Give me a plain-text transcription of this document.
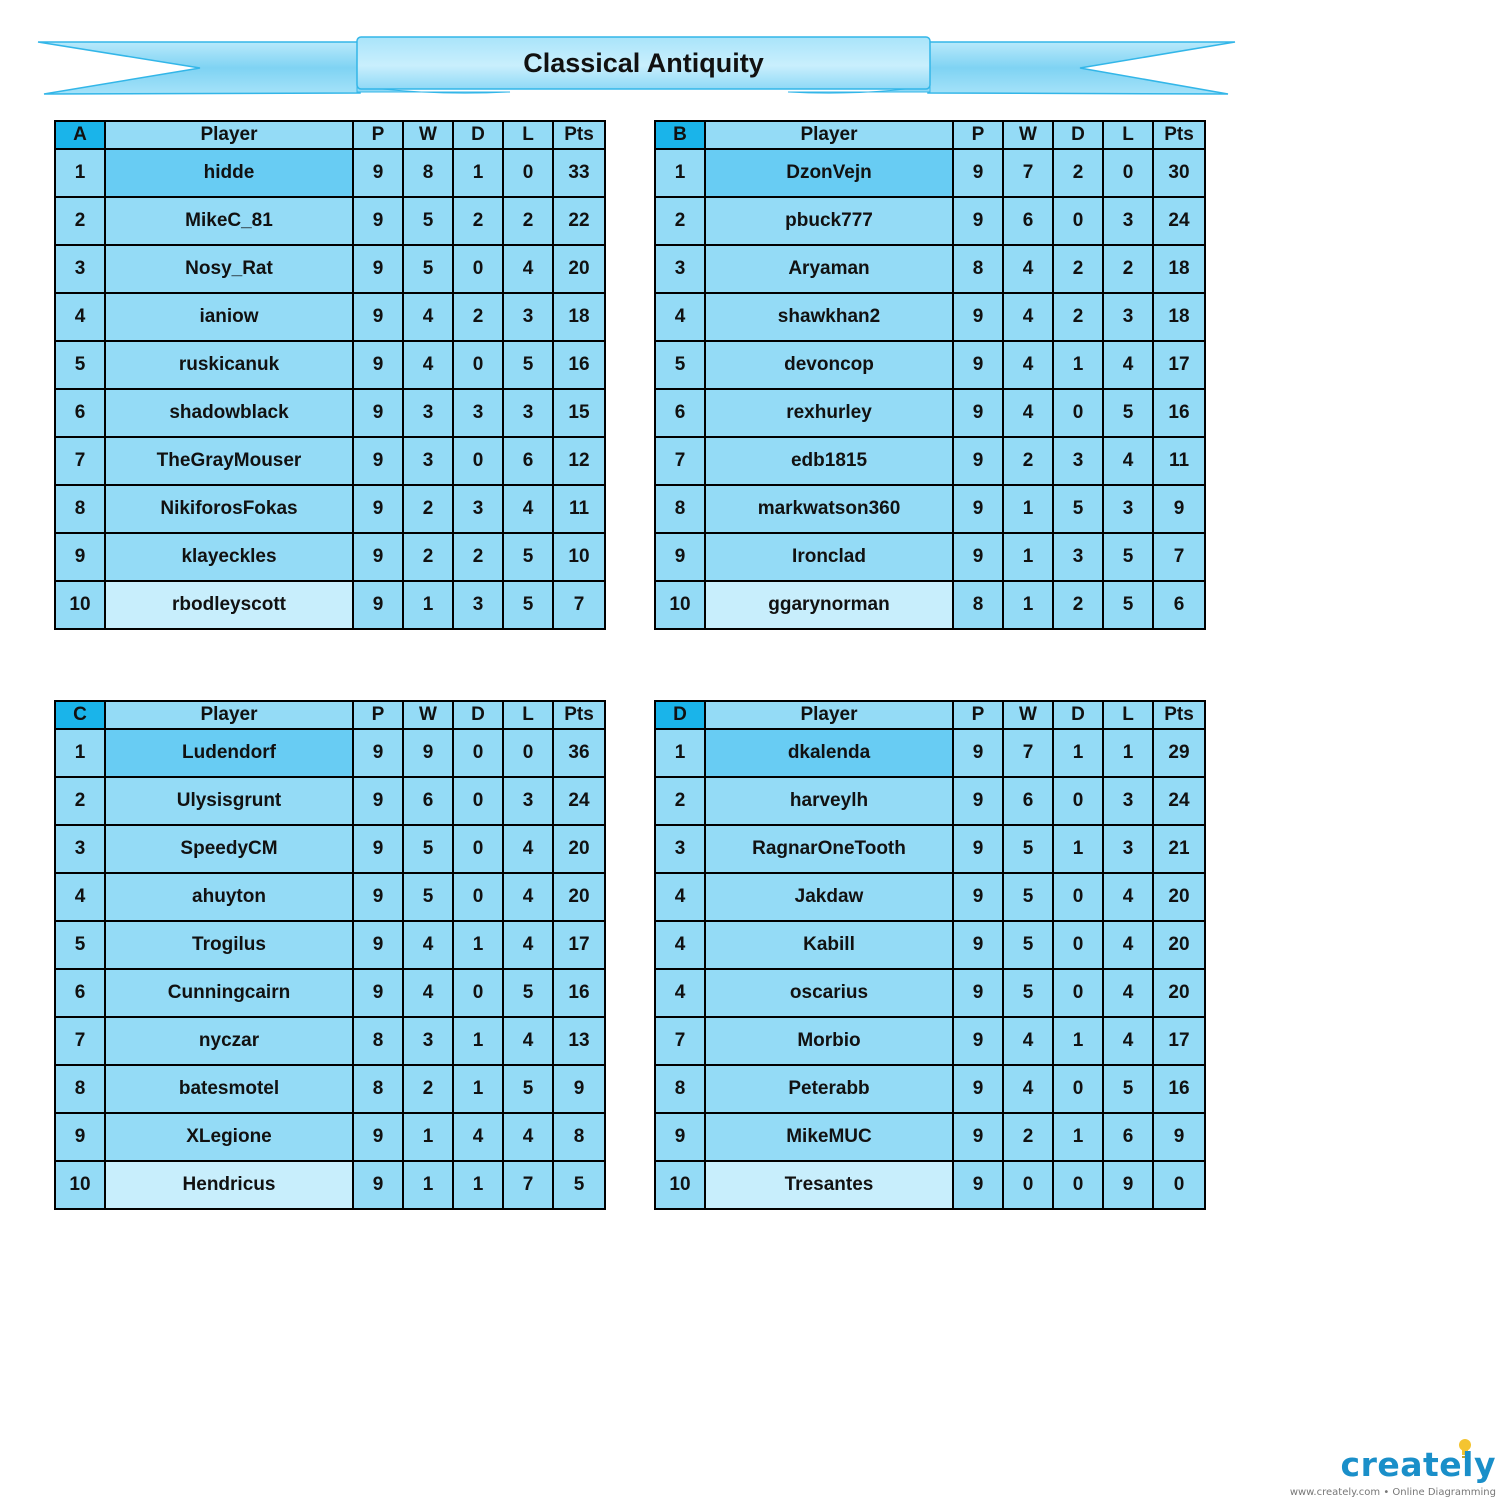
Classical Antiquity
A	Player	P	W	D	L	Pts
1	hidde	9	8	1	0	33
2	MikeC_81	9	5	2	2	22
3	Nosy_Rat	9	5	0	4	20
4	ianiow	9	4	2	3	18
5	ruskicanuk	9	4	0	5	16
6	shadowblack	9	3	3	3	15
7	TheGrayMouser	9	3	0	6	12
8	NikiforosFokas	9	2	3	4	11
9	klayeckles	9	2	2	5	10
10	rbodleyscott	9	1	3	5	7
B	Player	P	W	D	L	Pts
1	DzonVejn	9	7	2	0	30
2	pbuck777	9	6	0	3	24
3	Aryaman	8	4	2	2	18
4	shawkhan2	9	4	2	3	18
5	devoncop	9	4	1	4	17
6	rexhurley	9	4	0	5	16
7	edb1815	9	2	3	4	11
8	markwatson360	9	1	5	3	9
9	Ironclad	9	1	3	5	7
10	ggarynorman	8	1	2	5	6
C	Player	P	W	D	L	Pts
1	Ludendorf	9	9	0	0	36
2	Ulysisgrunt	9	6	0	3	24
3	SpeedyCM	9	5	0	4	20
4	ahuyton	9	5	0	4	20
5	Trogilus	9	4	1	4	17
6	Cunningcairn	9	4	0	5	16
7	nyczar	8	3	1	4	13
8	batesmotel	8	2	1	5	9
9	XLegione	9	1	4	4	8
10	Hendricus	9	1	1	7	5
D	Player	P	W	D	L	Pts
1	dkalenda	9	7	1	1	29
2	harveylh	9	6	0	3	24
3	RagnarOneTooth	9	5	1	3	21
4	Jakdaw	9	5	0	4	20
4	Kabill	9	5	0	4	20
4	oscarius	9	5	0	4	20
7	Morbio	9	4	1	4	17
8	Peterabb	9	4	0	5	16
9	MikeMUC	9	2	1	6	9
10	Tresantes	9	0	0	9	0
creately
www.creately.com • Online Diagramming
